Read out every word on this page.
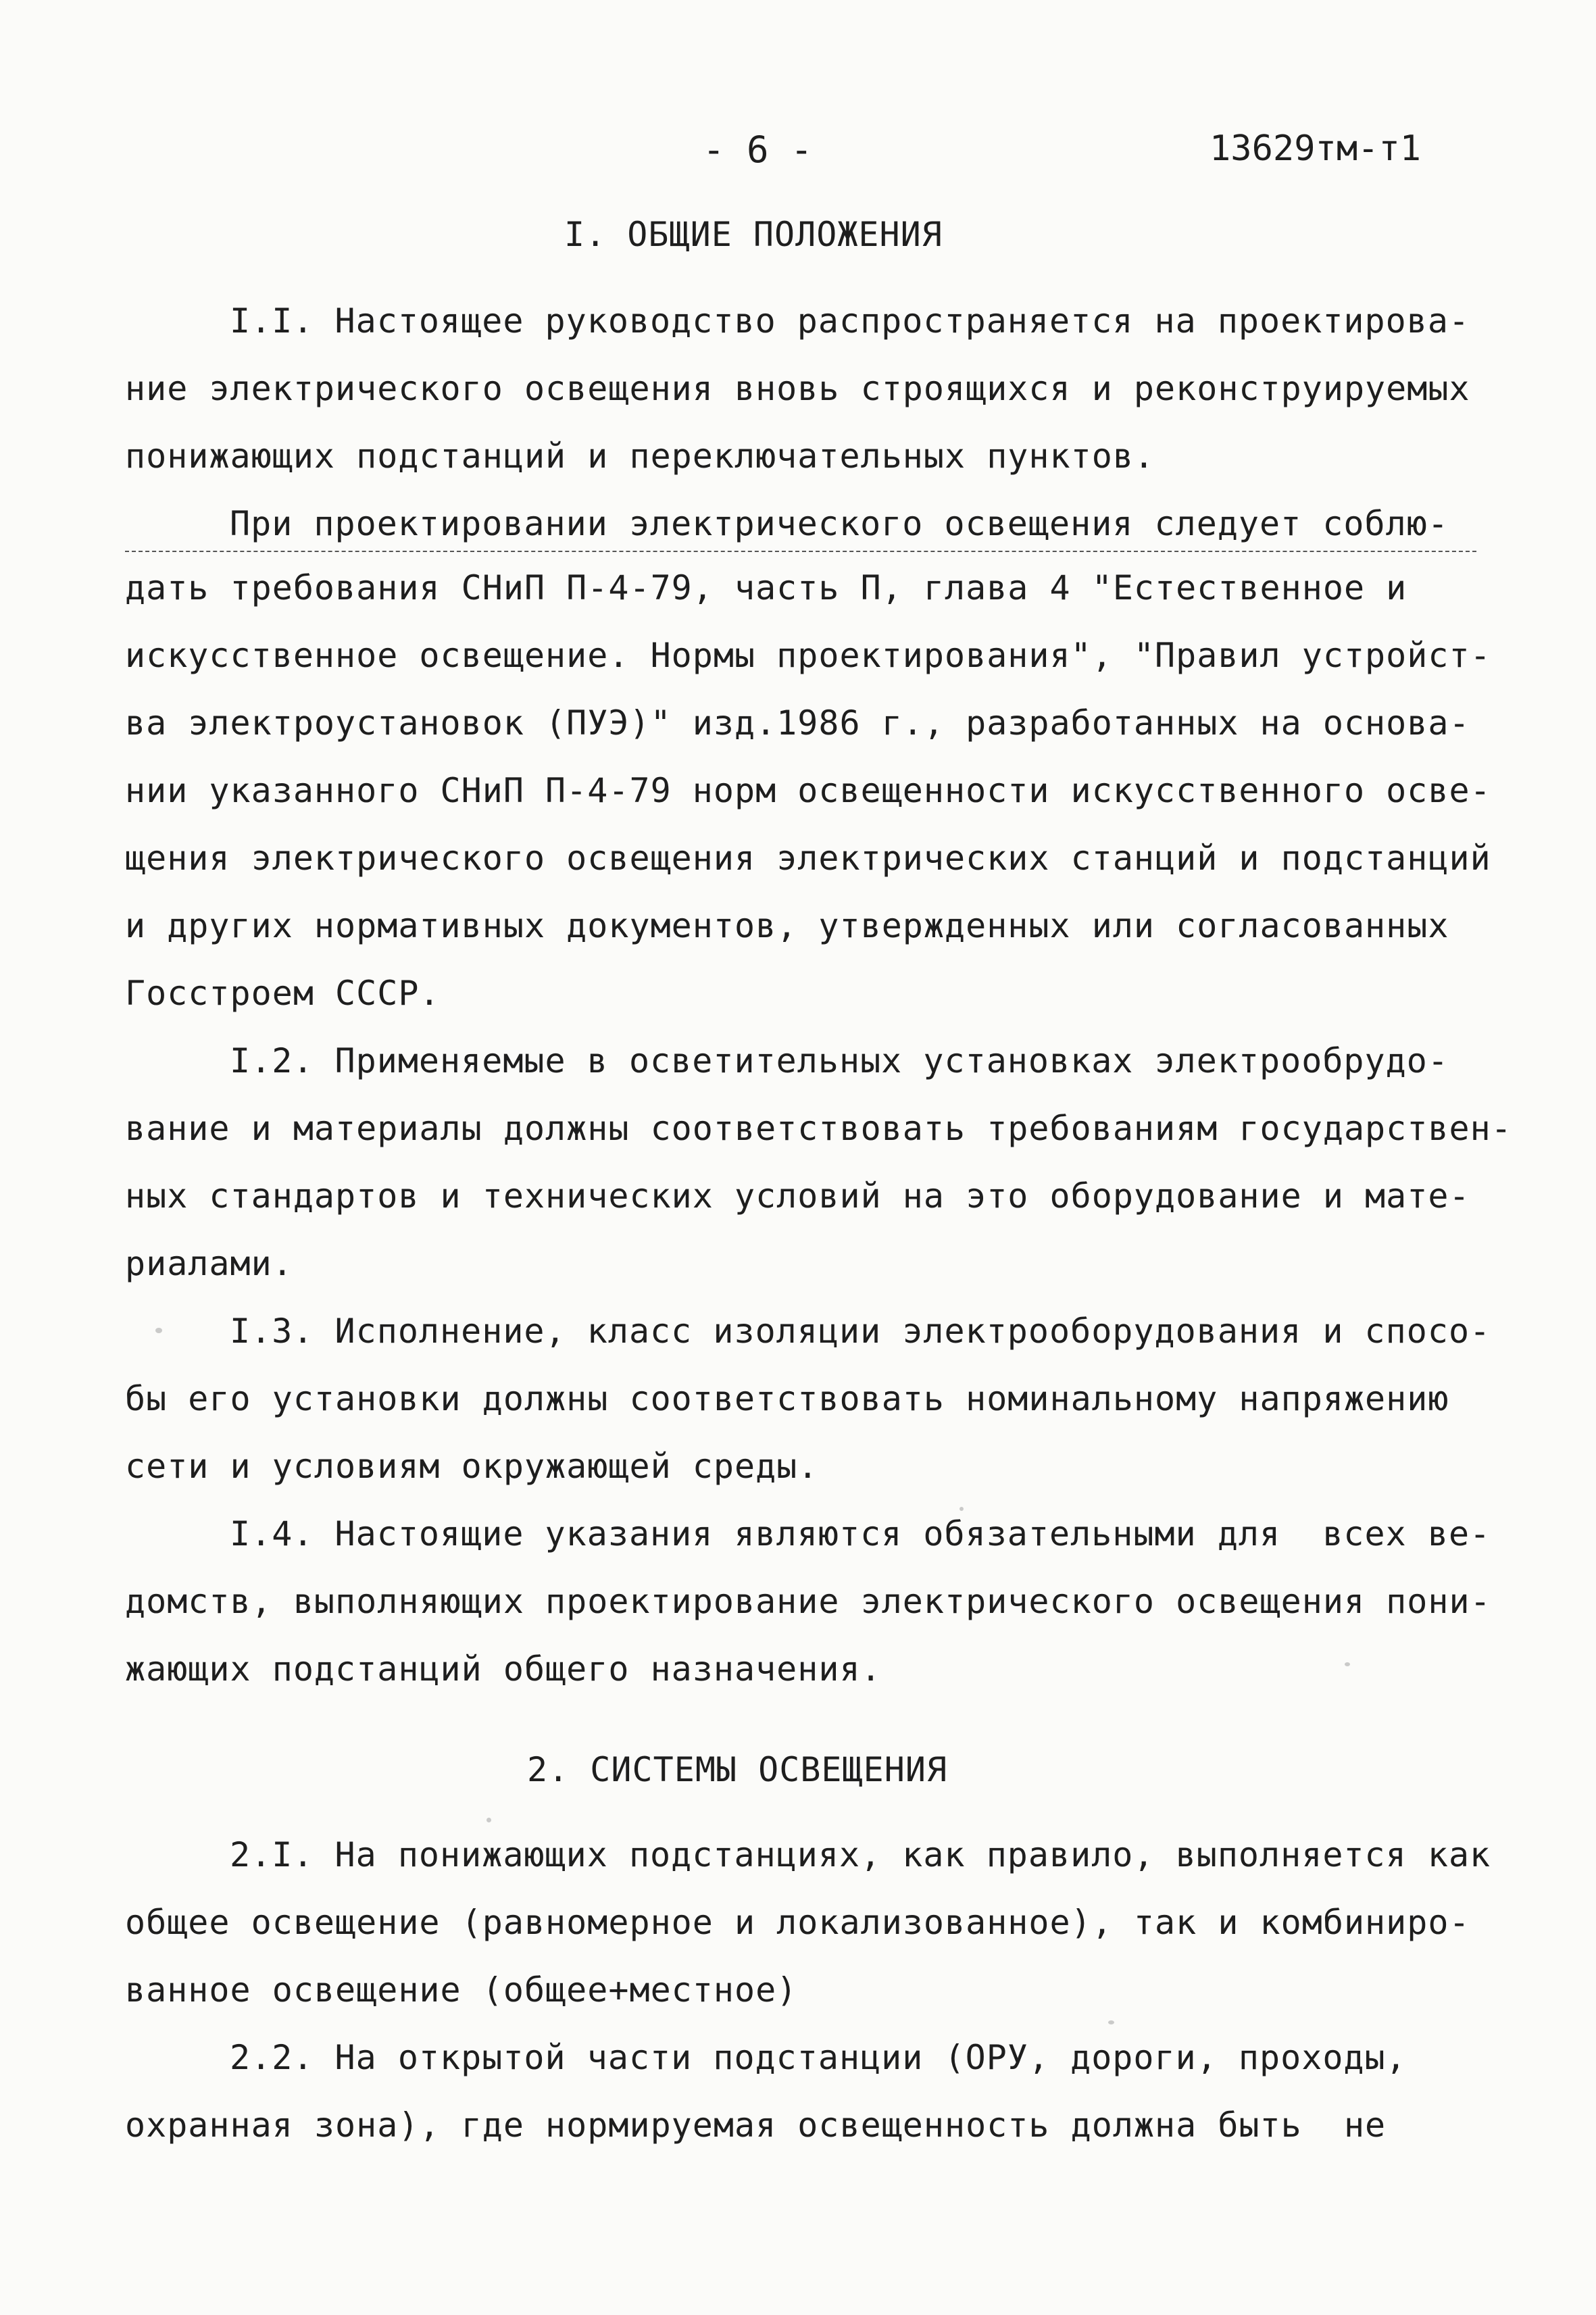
- 6 -	13629тм-т1
I. ОБЩИЕ ПОЛОЖЕНИЯ
I.I. Настоящее руководство распространяется на проектирова-
ние электрического освещения вновь строящихся и реконструируемых
понижающих подстанций и переключательных пунктов.
При проектировании электрического освещения следует соблю-
дать требования СНиП П-4-79, часть П, глава 4 "Естественное и
искусственное освещение. Нормы проектирования", "Правил устройст-
ва электроустановок (ПУЭ)" изд.1986 г., разработанных на основа-
нии указанного СНиП П-4-79 норм освещенности искусственного осве-
щения электрического освещения электрических станций и подстанций
и других нормативных документов, утвержденных или согласованных
Госстроем СССР.
I.2. Применяемые в осветительных установках электрообрудо-
вание и материалы должны соответствовать требованиям государствен-
ных стандартов и технических условий на это оборудование и мате-
риалами.
I.3. Исполнение, класс изоляции электрооборудования и спосо-
бы его установки должны соответствовать номинальному напряжению
сети и условиям окружающей среды.
I.4. Настоящие указания являются обязательными для  всех ве-
домств, выполняющих проектирование электрического освещения пони-
жающих подстанций общего назначения.
2. СИСТЕМЫ ОСВЕЩЕНИЯ
2.I. На понижающих подстанциях, как правило, выполняется как
общее освещение (равномерное и локализованное), так и комбиниро-
ванное освещение (общее+местное)
2.2. На открытой части подстанции (ОРУ, дороги, проходы,
охранная зона), где нормируемая освещенность должна быть  не
